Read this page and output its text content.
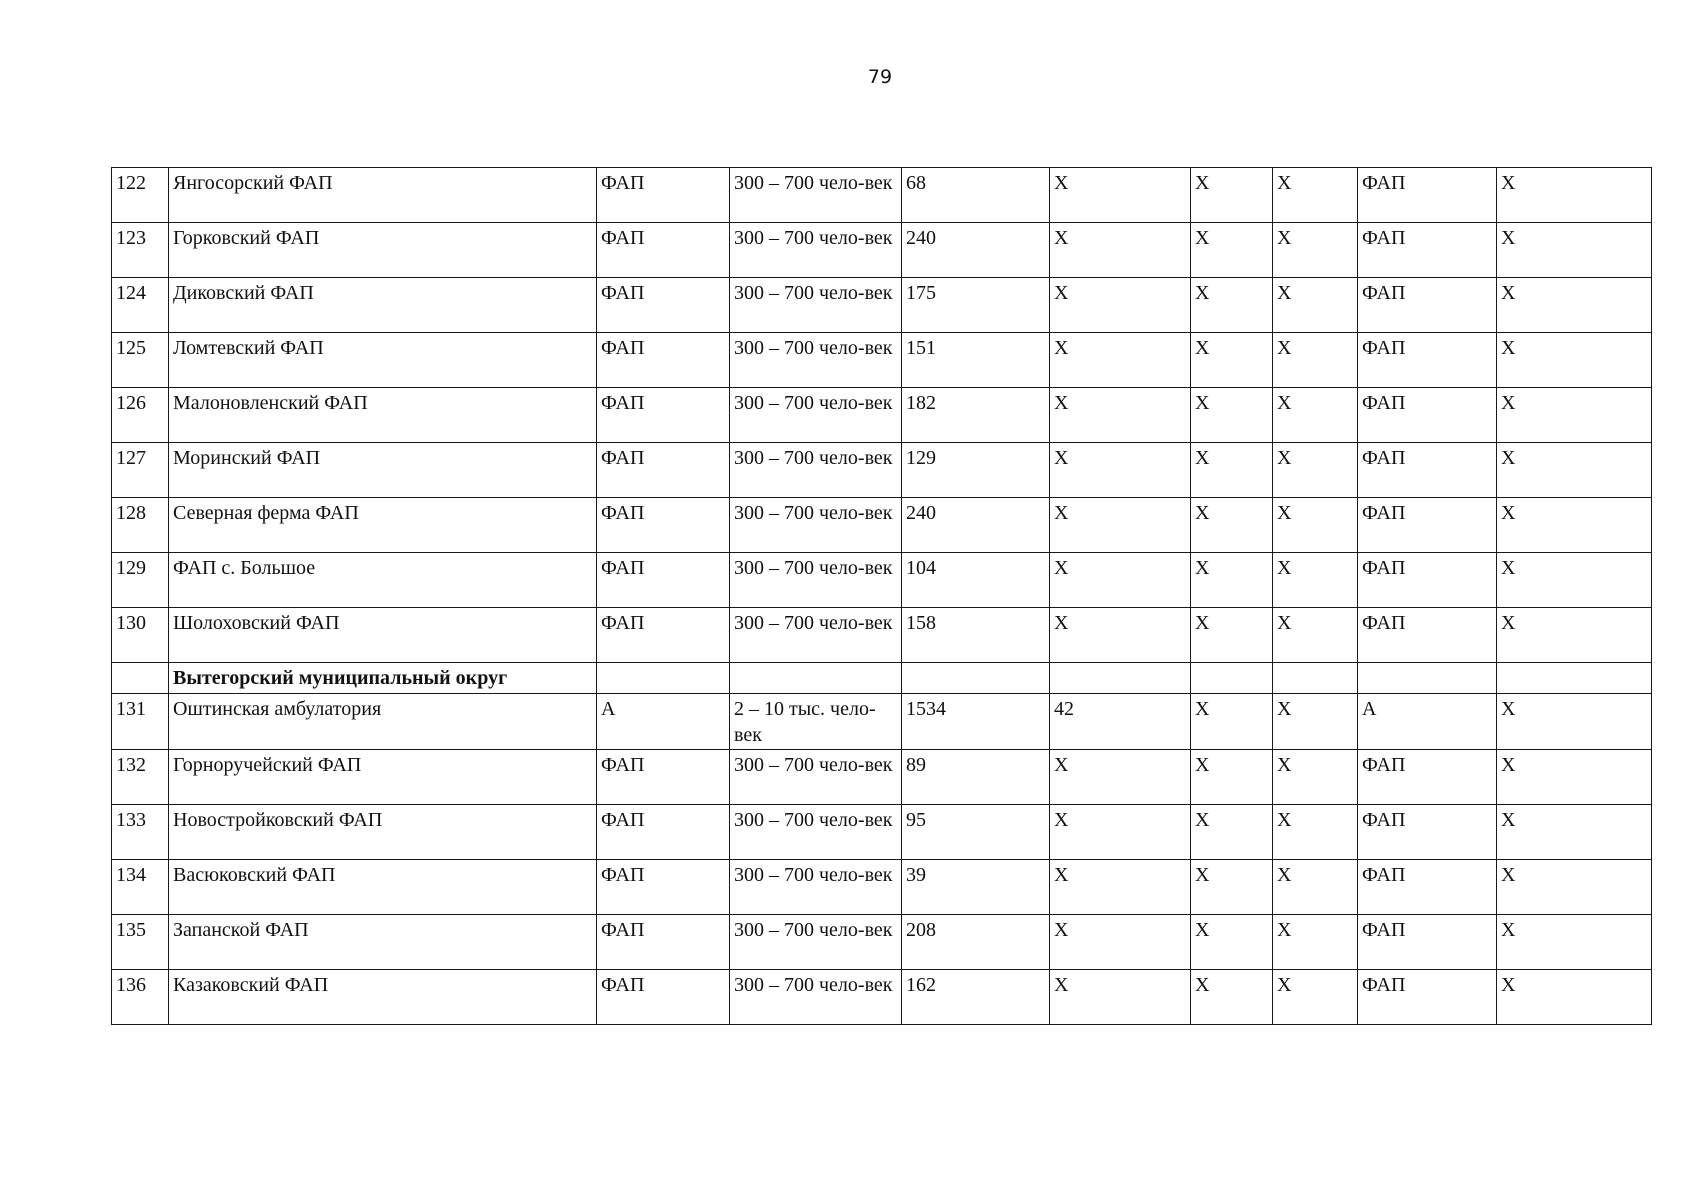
79
122	Янгосорский ФАП	ФАП	300 – 700 чело-век	68	Х	Х	Х	ФАП	Х
123	Горковский ФАП	ФАП	300 – 700 чело-век	240	Х	Х	Х	ФАП	Х
124	Диковский ФАП	ФАП	300 – 700 чело-век	175	Х	Х	Х	ФАП	Х
125	Ломтевский ФАП	ФАП	300 – 700 чело-век	151	Х	Х	Х	ФАП	Х
126	Малоновленский ФАП	ФАП	300 – 700 чело-век	182	Х	Х	Х	ФАП	Х
127	Моринский ФАП	ФАП	300 – 700 чело-век	129	Х	Х	Х	ФАП	Х
128	Северная ферма ФАП	ФАП	300 – 700 чело-век	240	Х	Х	Х	ФАП	Х
129	ФАП с. Большое	ФАП	300 – 700 чело-век	104	Х	Х	Х	ФАП	Х
130	Шолоховский ФАП	ФАП	300 – 700 чело-век	158	Х	Х	Х	ФАП	Х
	Вытегорский муниципальный округ								
131	Оштинская амбулатория	А	2 – 10 тыс. чело-век	1534	42	Х	Х	А	Х
132	Горноручейский ФАП	ФАП	300 – 700 чело-век	89	Х	Х	Х	ФАП	Х
133	Новостройковский ФАП	ФАП	300 – 700 чело-век	95	Х	Х	Х	ФАП	Х
134	Васюковский ФАП	ФАП	300 – 700 чело-век	39	Х	Х	Х	ФАП	Х
135	Запанской ФАП	ФАП	300 – 700 чело-век	208	Х	Х	Х	ФАП	Х
136	Казаковский ФАП	ФАП	300 – 700 чело-век	162	Х	Х	Х	ФАП	Х
